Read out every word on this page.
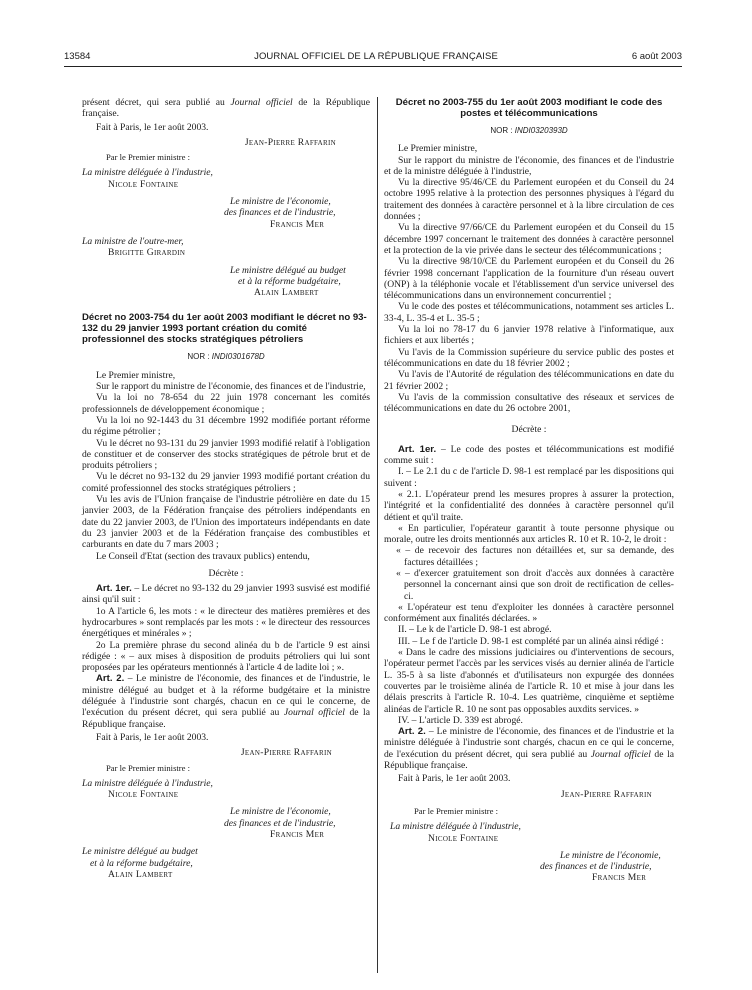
13584	JOURNAL OFFICIEL DE LA RÉPUBLIQUE FRANÇAISE	6 août 2003

présent décret, qui sera publié au Journal officiel de la République française.

Fait à Paris, le 1er août 2003.

Jean-Pierre Raffarin

Par le Premier ministre :

La ministre déléguée à l'industrie,

Nicole Fontaine

Le ministre de l'économie,

des finances et de l'industrie,

Francis Mer

La ministre de l'outre-mer,

Brigitte Girardin

Le ministre délégué au budget

et à la réforme budgétaire,

Alain Lambert

Décret no 2003-754 du 1er août 2003 modifiant le décret no 93-132 du 29 janvier 1993 portant création du comité professionnel des stocks stratégiques pétroliers

NOR : INDI0301678D

Le Premier ministre,

Sur le rapport du ministre de l'économie, des finances et de l'industrie,

Vu la loi no 78-654 du 22 juin 1978 concernant les comités professionnels de développement économique ;

Vu la loi no 92-1443 du 31 décembre 1992 modifiée portant réforme du régime pétrolier ;

Vu le décret no 93-131 du 29 janvier 1993 modifié relatif à l'obligation de constituer et de conserver des stocks stratégiques de pétrole brut et de produits pétroliers ;

Vu le décret no 93-132 du 29 janvier 1993 modifié portant création du comité professionnel des stocks stratégiques pétroliers ;

Vu les avis de l'Union française de l'industrie pétrolière en date du 15 janvier 2003, de la Fédération française des pétroliers indépendants en date du 22 janvier 2003, de l'Union des importateurs indépendants en date du 23 janvier 2003 et de la Fédération française des combustibles et carburants en date du 7 mars 2003 ;

Le Conseil d'Etat (section des travaux publics) entendu,

Décrète :

Art. 1er. – Le décret no 93-132 du 29 janvier 1993 susvisé est modifié ainsi qu'il suit :

1o A l'article 6, les mots : « le directeur des matières premières et des hydrocarbures » sont remplacés par les mots : « le directeur des ressources énergétiques et minérales » ;

2o La première phrase du second alinéa du b de l'article 9 est ainsi rédigée : « – aux mises à disposition de produits pétroliers qui lui sont proposées par les opérateurs mentionnés à l'article 4 de ladite loi ; ».

Art. 2. – Le ministre de l'économie, des finances et de l'industrie, le ministre délégué au budget et à la réforme budgétaire et la ministre déléguée à l'industrie sont chargés, chacun en ce qui le concerne, de l'exécution du présent décret, qui sera publié au Journal officiel de la République française.

Fait à Paris, le 1er août 2003.

Jean-Pierre Raffarin

Par le Premier ministre :

La ministre déléguée à l'industrie,

Nicole Fontaine

Le ministre de l'économie,

des finances et de l'industrie,

Francis Mer

Le ministre délégué au budget

et à la réforme budgétaire,

Alain Lambert

Décret no 2003-755 du 1er août 2003 modifiant le code des postes et télécommunications

NOR : INDI0320393D

Le Premier ministre,

Sur le rapport du ministre de l'économie, des finances et de l'industrie et de la ministre déléguée à l'industrie,

Vu la directive 95/46/CE du Parlement européen et du Conseil du 24 octobre 1995 relative à la protection des personnes physiques à l'égard du traitement des données à caractère personnel et à la libre circulation de ces données ;

Vu la directive 97/66/CE du Parlement européen et du Conseil du 15 décembre 1997 concernant le traitement des données à caractère personnel et la protection de la vie privée dans le secteur des télécommunications ;

Vu la directive 98/10/CE du Parlement européen et du Conseil du 26 février 1998 concernant l'application de la fourniture d'un réseau ouvert (ONP) à la téléphonie vocale et l'établissement d'un service universel des télécommunications dans un environnement concurrentiel ;

Vu le code des postes et télécommunications, notamment ses articles L. 33-4, L. 35-4 et L. 35-5 ;

Vu la loi no 78-17 du 6 janvier 1978 relative à l'informatique, aux fichiers et aux libertés ;

Vu l'avis de la Commission supérieure du service public des postes et télécommunications en date du 18 février 2002 ;

Vu l'avis de l'Autorité de régulation des télécommunications en date du 21 février 2002 ;

Vu l'avis de la commission consultative des réseaux et services de télécommunications en date du 26 octobre 2001,

Décrète :

Art. 1er. – Le code des postes et télécommunications est modifié comme suit :

I. – Le 2.1 du c de l'article D. 98-1 est remplacé par les dispositions qui suivent :

« 2.1. L'opérateur prend les mesures propres à assurer la protection, l'intégrité et la confidentialité des données à caractère personnel qu'il détient et qu'il traite.

« En particulier, l'opérateur garantit à toute personne physique ou morale, outre les droits mentionnés aux articles R. 10 et R. 10-2, le droit :

« – de recevoir des factures non détaillées et, sur sa demande, des factures détaillées ;

« – d'exercer gratuitement son droit d'accès aux données à caractère personnel la concernant ainsi que son droit de rectification de celles-ci.

« L'opérateur est tenu d'exploiter les données à caractère personnel conformément aux finalités déclarées. »

II. – Le k de l'article D. 98-1 est abrogé.

III. – Le f de l'article D. 98-1 est complété par un alinéa ainsi rédigé :

« Dans le cadre des missions judiciaires ou d'interventions de secours, l'opérateur permet l'accès par les services visés au dernier alinéa de l'article L. 35-5 à sa liste d'abonnés et d'utilisateurs non expurgée des données couvertes par le troisième alinéa de l'article R. 10 et mise à jour dans les délais prescrits à l'article R. 10-4. Les quatrième, cinquième et septième alinéas de l'article R. 10 ne sont pas opposables auxdits services. »

IV. – L'article D. 339 est abrogé.

Art. 2. – Le ministre de l'économie, des finances et de l'industrie et la ministre déléguée à l'industrie sont chargés, chacun en ce qui le concerne, de l'exécution du présent décret, qui sera publié au Journal officiel de la République française.

Fait à Paris, le 1er août 2003.

Jean-Pierre Raffarin

Par le Premier ministre :

La ministre déléguée à l'industrie,

Nicole Fontaine

Le ministre de l'économie,

des finances et de l'industrie,

Francis Mer
